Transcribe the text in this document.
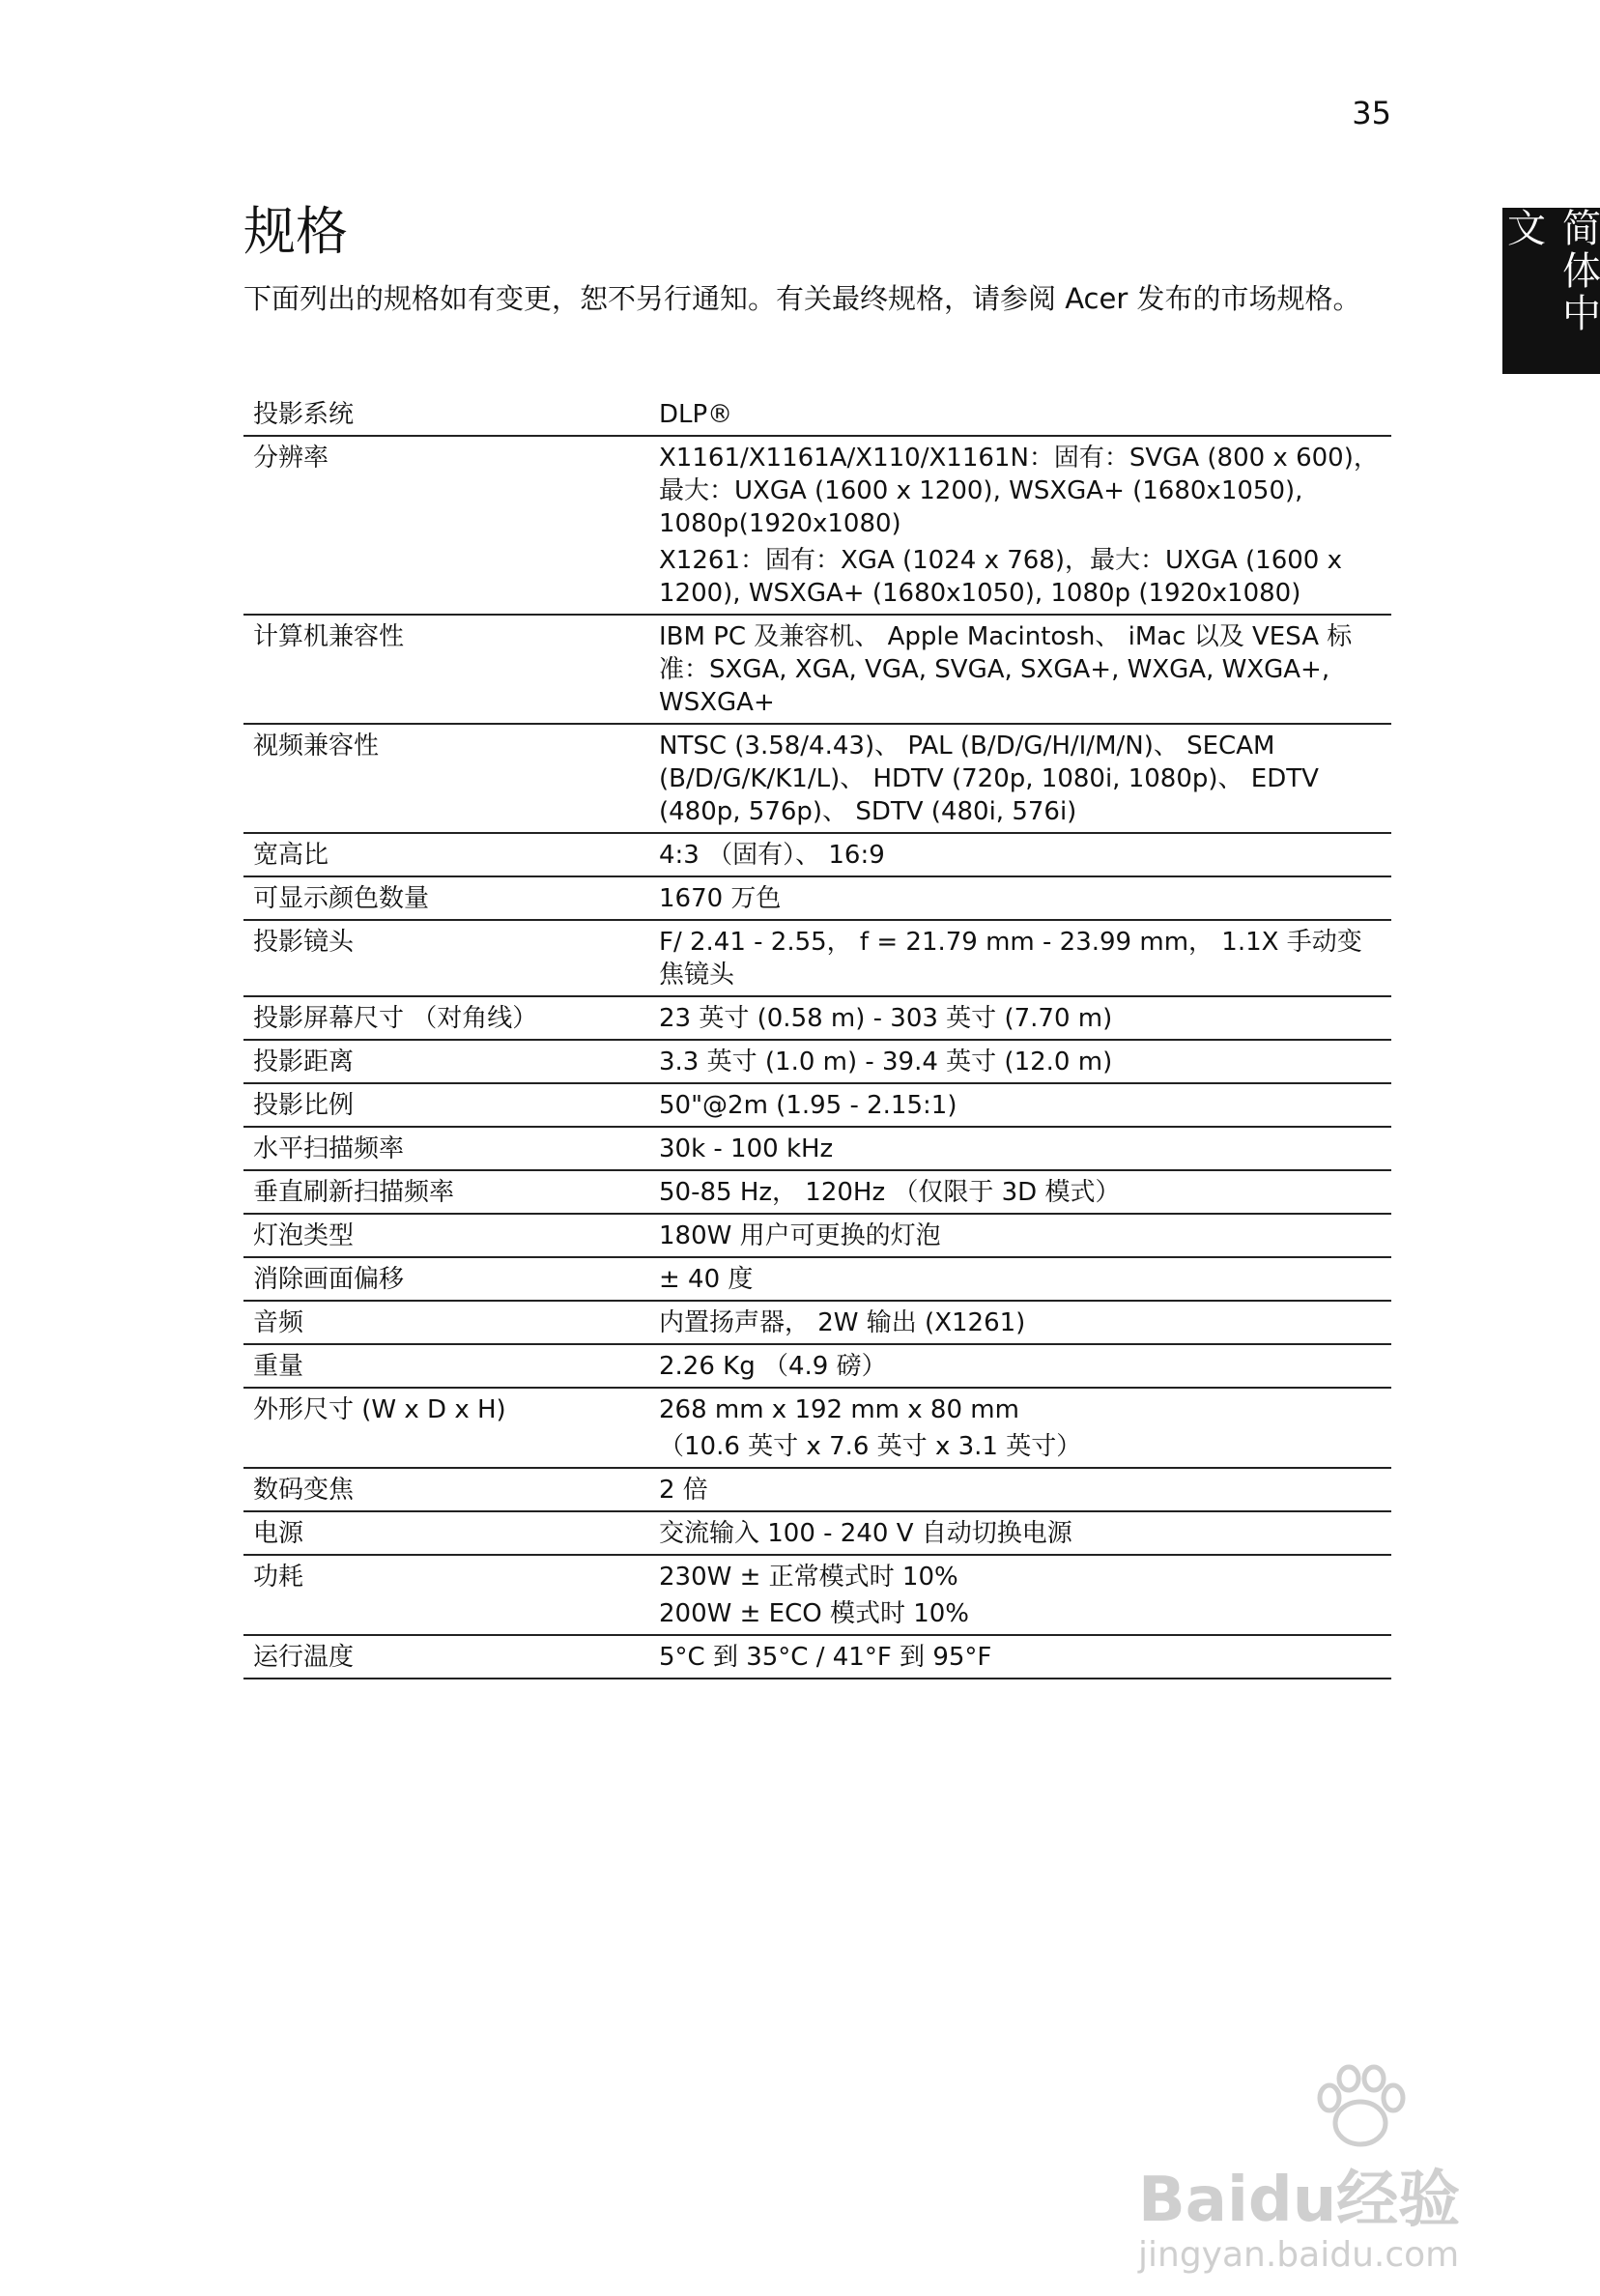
35
简体中文
规格

下面列出的规格如有变更，恕不另行通知。有关最终规格，请参阅 Acer 发布的市场规格。

投影系统	DLP®

分辨率	X1161/X1161A/X110/X1161N：固有：SVGA (800 x 600)，最大：UXGA (1600 x 1200), WSXGA+ (1680x1050), 1080p(1920x1080)
X1261：固有：XGA (1024 x 768)，最大：UXGA (1600 x 1200), WSXGA+ (1680x1050), 1080p (1920x1080)

计算机兼容性	IBM PC 及兼容机、 Apple Macintosh、 iMac 以及 VESA 标准：SXGA, XGA, VGA, SVGA, SXGA+, WXGA, WXGA+, WSXGA+

视频兼容性	NTSC (3.58/4.43)、 PAL (B/D/G/H/I/M/N)、 SECAM (B/D/G/K/K1/L)、 HDTV (720p, 1080i, 1080p)、 EDTV (480p, 576p)、 SDTV (480i, 576i)

宽高比	4:3 （固有）、 16:9

可显示颜色数量	1670 万色

投影镜头	F/ 2.41 - 2.55， f = 21.79 mm - 23.99 mm， 1.1X 手动变焦镜头

投影屏幕尺寸 （对角线）	23 英寸 (0.58 m) - 303 英寸 (7.70 m)

投影距离	3.3 英寸 (1.0 m) - 39.4 英寸 (12.0 m)

投影比例	50"@2m (1.95 - 2.15:1)

水平扫描频率	30k - 100 kHz

垂直刷新扫描频率	50-85 Hz， 120Hz （仅限于 3D 模式）

灯泡类型	180W 用户可更换的灯泡

消除画面偏移	± 40 度

音频	内置扬声器， 2W 输出 (X1261)

重量	2.26 Kg （4.9 磅）

外形尺寸 (W x D x H)	268 mm x 192 mm x 80 mm
（10.6 英寸 x 7.6 英寸 x 3.1 英寸）

数码变焦	2 倍

电源	交流输入 100 - 240 V 自动切换电源

功耗	230W ± 正常模式时 10%
200W ± ECO 模式时 10%

运行温度	5°C 到 35°C / 41°F 到 95°F
Baidu经验
jingyan.baidu.com
